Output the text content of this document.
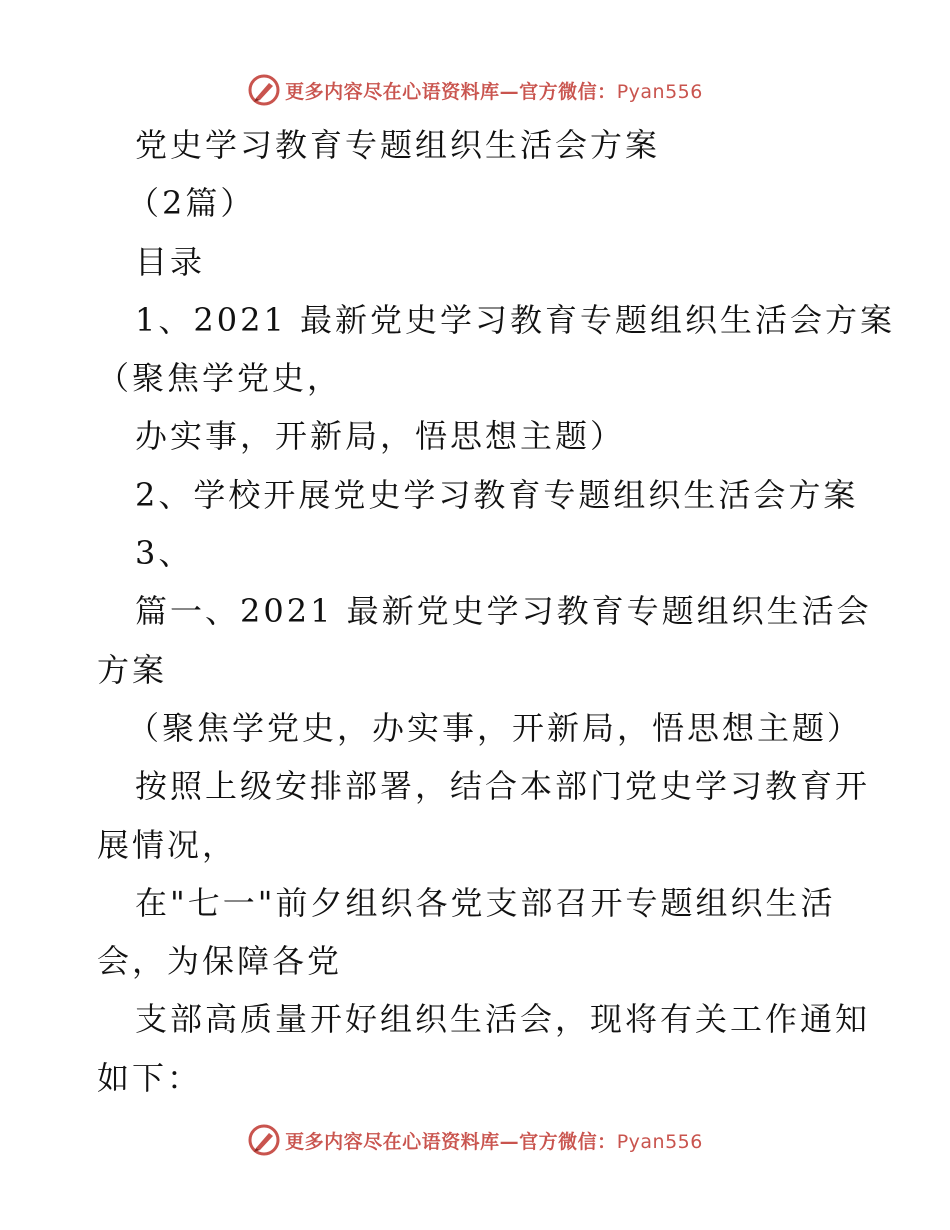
更多内容尽在心语资料库—官方微信：Pyan556
党史学习教育专题组织生活会方案
（2篇）
目录
1、2021 最新党史学习教育专题组织生活会方案
（聚焦学党史，
办实事，开新局，悟思想主题）
2、学校开展党史学习教育专题组织生活会方案
3、
篇一、2021 最新党史学习教育专题组织生活会
方案
（聚焦学党史，办实事，开新局，悟思想主题）
按照上级安排部署，结合本部门党史学习教育开
展情况，
在"七一"前夕组织各党支部召开专题组织生活
会，为保障各党
支部高质量开好组织生活会，现将有关工作通知
如下：
更多内容尽在心语资料库—官方微信：Pyan556
